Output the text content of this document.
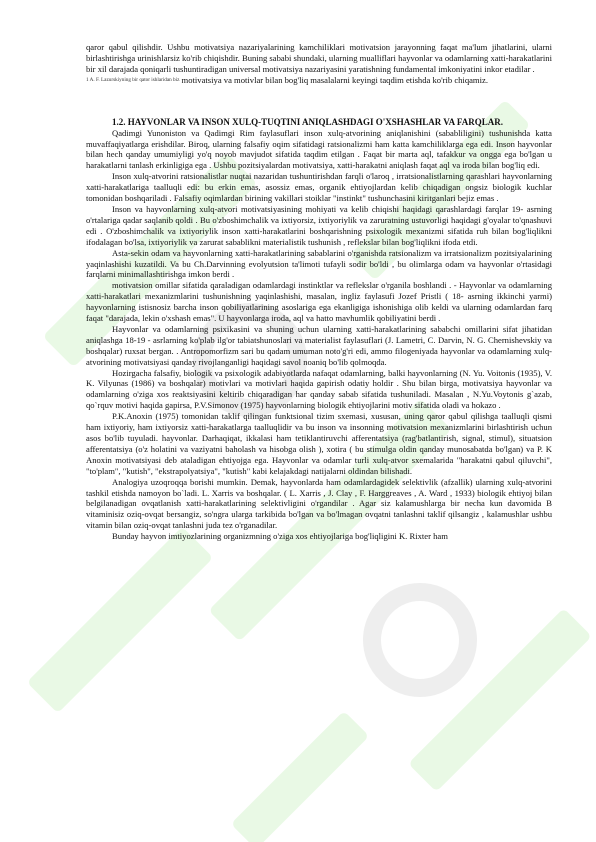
qaror qabul qilishdir. Ushbu motivatsiya nazariyalarining kamchiliklari motivatsion jarayonning faqat ma'lum jihatlarini, ularni birlashtirishga urinishlarsiz ko'rib chiqishdir. Buning sababi shundaki, ularning mualliflari hayvonlar va odamlarning xatti-harakatlarini bir xil darajada qoniqarli tushuntiradigan universal motivatsiya nazariyasini yaratishning fundamental imkoniyatini inkor etadilar .

$^{1 A. F. Lazurskiyning bir qator ishlaridan biz}$ motivatsiya va motivlar bilan bog'liq masalalarni keyingi taqdim etishda ko'rib chiqamiz.

1.2. HAYVONLAR VA INSON XULQ-TUQTINI ANIQLASHDAGI O'XSHASHLAR VA FARQLAR.

Qadimgi Yunoniston va Qadimgi Rim faylasuflari inson xulq-atvorining aniqlanishini (sababliligini) tushunishda katta muvaffaqiyatlarga erishdilar. Biroq, ularning falsafiy oqim sifatidagi ratsionalizmi ham katta kamchiliklarga ega edi. Inson hayvonlar bilan hech qanday umumiyligi yo'q noyob mavjudot sifatida taqdim etilgan . Faqat bir marta aql, tafakkur va ongga ega bo'lgan u harakatlarni tanlash erkinligiga ega . Ushbu pozitsiyalardan motivatsiya, xatti-harakatni aniqlash faqat aql va iroda bilan bog'liq edi.

Inson xulq-atvorini ratsionalistlar nuqtai nazaridan tushuntirishdan farqli o'laroq , irratsionalistlarning qarashlari hayvonlarning xatti-harakatlariga taalluqli edi: bu erkin emas, asossiz emas, organik ehtiyojlardan kelib chiqadigan ongsiz biologik kuchlar tomonidan boshqariladi . Falsafiy oqimlardan birining vakillari stoiklar "instinkt" tushunchasini kiritganlari bejiz emas .

Inson va hayvonlarning xulq-atvori motivatsiyasining mohiyati va kelib chiqishi haqidagi qarashlardagi farqlar 19- asrning o'rtalariga qadar saqlanib qoldi . Bu o'zboshimchalik va ixtiyorsiz, ixtiyoriylik va zaruratning ustuvorligi haqidagi g'oyalar to'qnashuvi edi . O'zboshimchalik va ixtiyoriylik inson xatti-harakatlarini boshqarishning psixologik mexanizmi sifatida ruh bilan bog'liqlikni ifodalagan bo'lsa, ixtiyoriylik va zarurat sabablikni materialistik tushunish , reflekslar bilan bog'liqlikni ifoda etdi.

Asta-sekin odam va hayvonlarning xatti-harakatlarining sabablarini o'rganishda ratsionalizm va irratsionalizm pozitsiyalarining yaqinlashishi kuzatildi. Va bu Ch.Darvinning evolyutsion ta'limoti tufayli sodir bo'ldi , bu olimlarga odam va hayvonlar o'rtasidagi farqlarni minimallashtirishga imkon berdi .

motivatsion omillar sifatida qaraladigan odamlardagi instinktlar va reflekslar o'rganila boshlandi . - Hayvonlar va odamlarning xatti-harakatlari mexanizmlarini tushunishning yaqinlashishi, masalan, ingliz faylasufi Jozef Pristli ( 18- asrning ikkinchi yarmi) hayvonlarning istisnosiz barcha inson qobiliyatlarining asoslariga ega ekanligiga ishonishiga olib keldi va ularning odamlardan farq faqat "darajada, lekin o'xshash emas". U hayvonlarga iroda, aql va hatto mavhumlik qobiliyatini berdi .

Hayvonlar va odamlarning psixikasini va shuning uchun ularning xatti-harakatlarining sababchi omillarini sifat jihatidan aniqlashga 18-19 - asrlarning ko'plab ilg'or tabiatshunoslari va materialist faylasuflari (J. Lametri, C. Darvin, N. G. Chernishevskiy va boshqalar) ruxsat bergan. . Antropomorfizm sari bu qadam umuman noto'g'ri edi, ammo filogeniyada hayvonlar va odamlarning xulq-atvorining motivatsiyasi qanday rivojlanganligi haqidagi savol noaniq bo'lib qolmoqda.

Hozirgacha falsafiy, biologik va psixologik adabiyotlarda nafaqat odamlarning, balki hayvonlarning (N. Yu. Voitonis (1935), V. K. Vilyunas (1986) va boshqalar) motivlari va motivlari haqida gapirish odatiy holdir . Shu bilan birga, motivatsiya hayvonlar va odamlarning o'ziga xos reaktsiyasini keltirib chiqaradigan har qanday sabab sifatida tushuniladi. Masalan , N.Yu.Voytonis g`azab, qo`rquv motivi haqida gapirsa, P.V.Simonov (1975) hayvonlarning biologik ehtiyojlarini motiv sifatida oladi va hokazo .

P.K.Anoxin (1975) tomonidan taklif qilingan funktsional tizim sxemasi, xususan, uning qaror qabul qilishga taalluqli qismi ham ixtiyoriy, ham ixtiyorsiz xatti-harakatlarga taalluqlidir va bu inson va insonning motivatsion mexanizmlarini birlashtirish uchun asos bo'lib tuyuladi. hayvonlar. Darhaqiqat, ikkalasi ham tetiklantiruvchi afferentatsiya (rag'batlantirish, signal, stimul), situatsion afferentatsiya (o'z holatini va vaziyatni baholash va hisobga olish ), xotira ( bu stimulga oldin qanday munosabatda bo'lgan) va P. K Anoxin motivatsiyasi deb ataladigan ehtiyojga ega. Hayvonlar va odamlar turli xulq-atvor sxemalarida "harakatni qabul qiluvchi", "to'plam", "kutish", "ekstrapolyatsiya", "kutish" kabi kelajakdagi natijalarni oldindan bilishadi.

Analogiya uzoqroqqa borishi mumkin. Demak, hayvonlarda ham odamlardagidek selektivlik (afzallik) ularning xulq-atvorini tashkil etishda namoyon bo`ladi. L. Xarris va boshqalar. ( L. Xarris , J. Clay , F. Harggreaves , A. Ward , 1933) biologik ehtiyoj bilan belgilanadigan ovqatlanish xatti-harakatlarining selektivligini o'rgandilar . Agar siz kalamushlarga bir necha kun davomida B vitaminisiz oziq-ovqat bersangiz, so'ngra ularga tarkibida bo'lgan va bo'lmagan ovqatni tanlashni taklif qilsangiz , kalamushlar ushbu vitamin bilan oziq-ovqat tanlashni juda tez o'rganadilar.

Bunday hayvon imtiyozlarining organizmning o'ziga xos ehtiyojlariga bog'liqligini K. Rixter ham
